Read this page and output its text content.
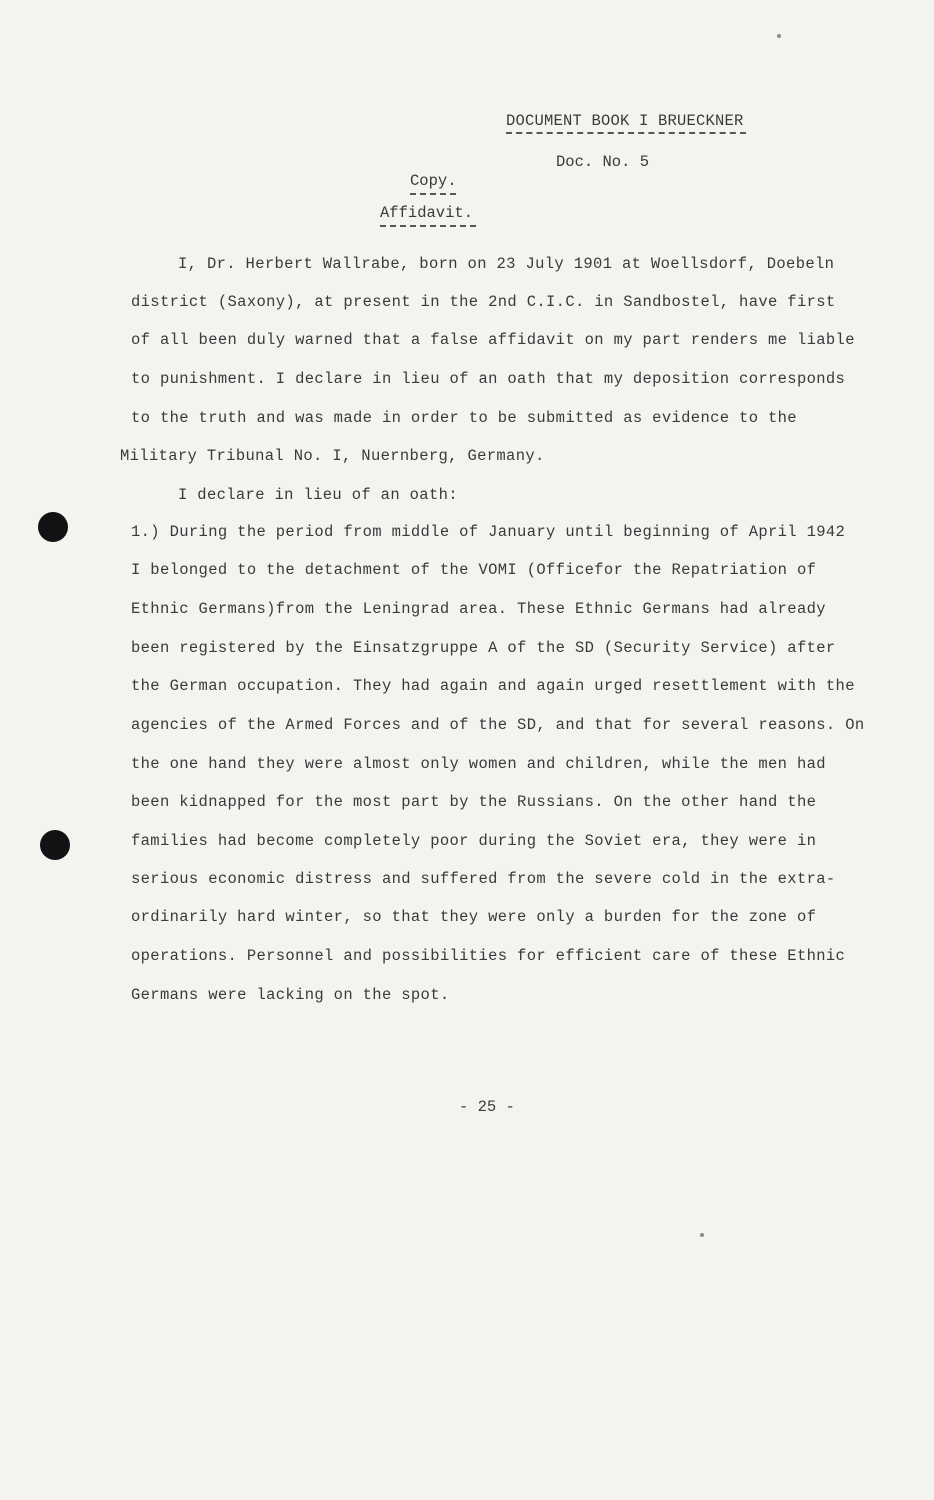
DOCUMENT BOOK I BRUECKNER
Doc. No. 5
Copy.
Affidavit.
I, Dr. Herbert Wallrabe, born on 23 July 1901 at Woellsdorf, Doebeln
district (Saxony), at present in the 2nd C.I.C. in Sandbostel, have first
of all been duly warned that a false affidavit on my part renders me liable
to punishment. I declare in lieu of an oath that my deposition corresponds
to the truth and was made in order to be submitted as evidence to the
Military Tribunal No. I, Nuernberg, Germany.
I declare in lieu of an oath:
1.) During the period from middle of January until beginning of April 1942
I belonged to the detachment of the VOMI (Officefor the Repatriation of
Ethnic Germans)from the Leningrad area. These Ethnic Germans had already
been registered by the Einsatzgruppe A of the SD (Security Service) after
the German occupation. They had again and again urged resettlement with the
agencies of the Armed Forces and of the SD, and that for several reasons. On
the one hand they were almost only women and children, while the men had
been kidnapped for the most part by the Russians. On the other hand the
families had become completely poor during the Soviet era, they were in
serious economic distress and suffered from the severe cold in the extra-
ordinarily hard winter, so that they were only a burden for the zone of
operations. Personnel and possibilities for efficient care of these Ethnic
Germans were lacking on the spot.
- 25 -
